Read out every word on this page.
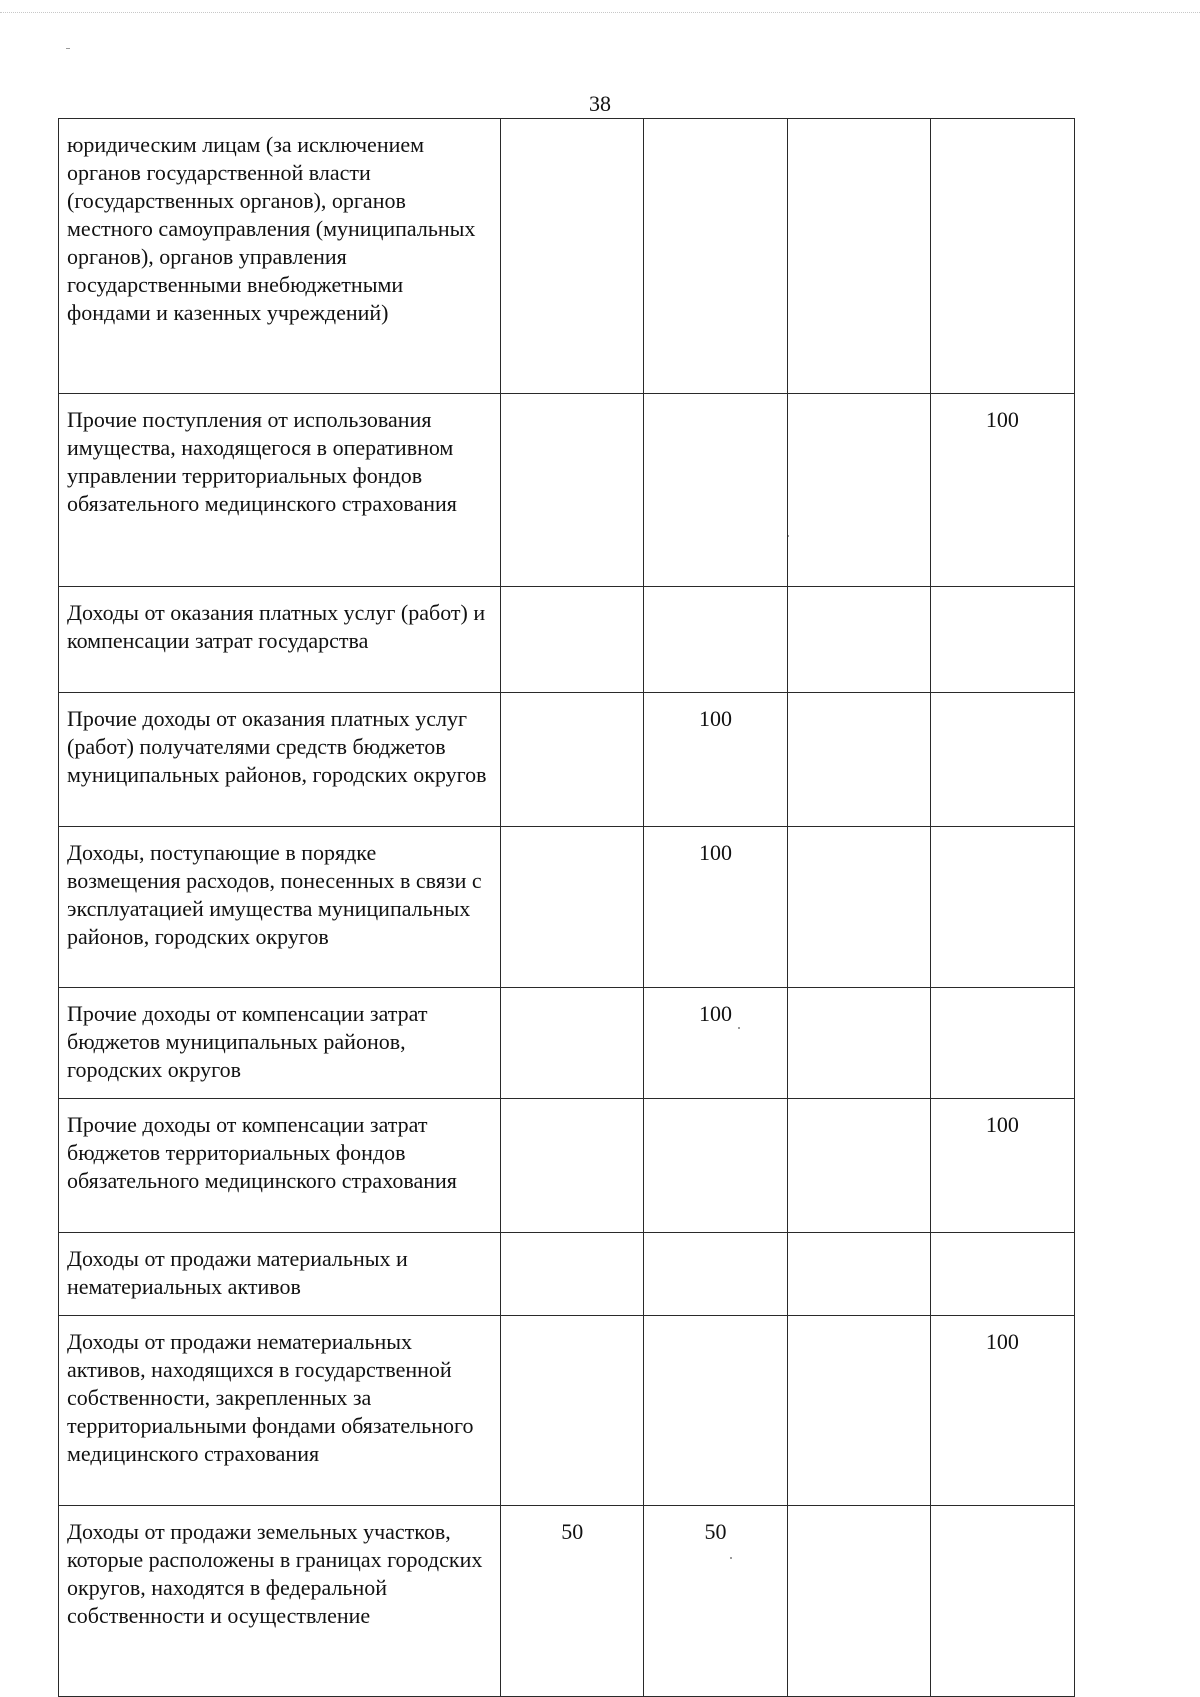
38
юридическим лицам (за исключением органов государственной власти (государственных органов), органов местного самоуправления (муниципальных органов), органов управления государственными внебюджетными фондами и казенных учреждений)				
Прочие поступления от использования имущества, находящегося в оперативном управлении территориальных фондов обязательного медицинского страхования				100
Доходы от оказания платных услуг (работ) и компенсации затрат государства				
Прочие доходы от оказания платных услуг (работ) получателями средств бюджетов муниципальных районов, городских округов		100		
Доходы, поступающие в порядке возмещения расходов, понесенных в связи с эксплуатацией имущества муниципальных районов, городских округов		100		
Прочие доходы от компенсации затрат бюджетов муниципальных районов, городских округов		100		
Прочие доходы от компенсации затрат бюджетов территориальных фондов обязательного медицинского страхования				100
Доходы от продажи материальных и нематериальных активов				
Доходы от продажи нематериальных активов, находящихся в государственной собственности, закрепленных за территориальными фондами обязательного медицинского страхования				100
Доходы от продажи земельных участков, которые расположены в границах городских округов, находятся в федеральной собственности и осуществление	50	50		
